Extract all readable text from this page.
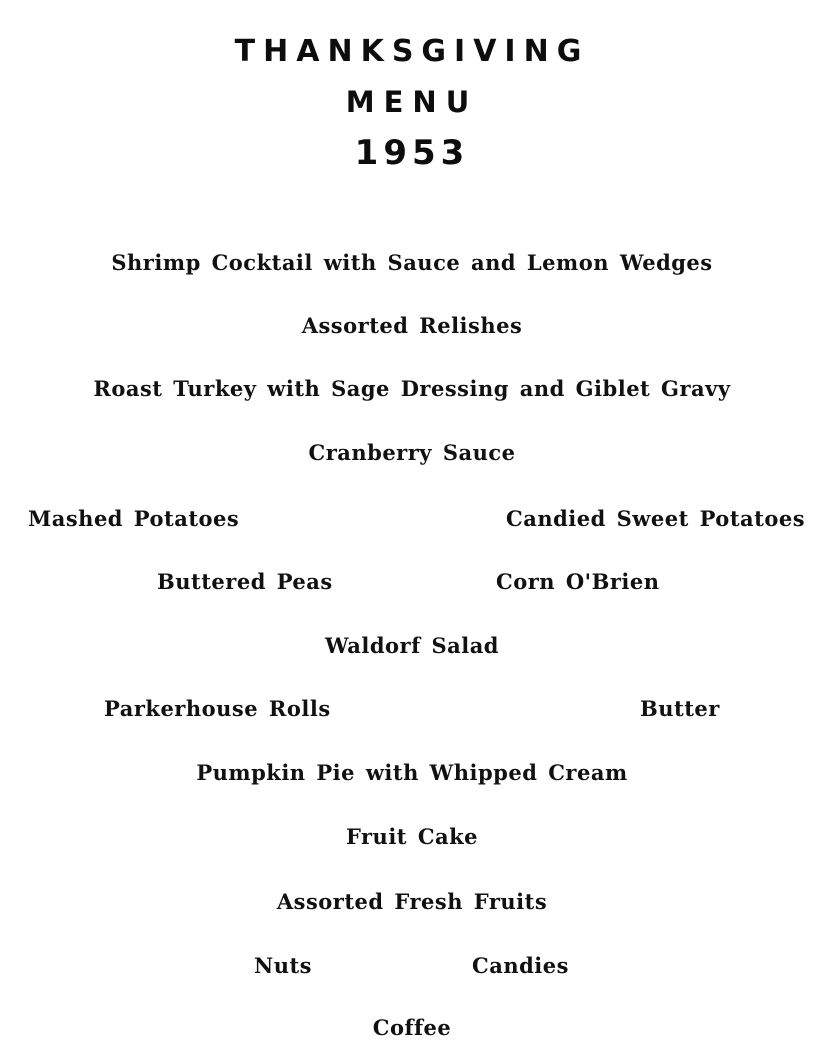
THANKSGIVING
MENU
1953
Shrimp Cocktail with Sauce and Lemon Wedges
Assorted Relishes
Roast Turkey with Sage Dressing and Giblet Gravy
Cranberry Sauce
Mashed Potatoes	Candied Sweet Potatoes
Buttered Peas	Corn O'Brien
Waldorf Salad
Parkerhouse Rolls	Butter
Pumpkin Pie with Whipped Cream
Fruit Cake
Assorted Fresh Fruits
Nuts	Candies
Coffee
